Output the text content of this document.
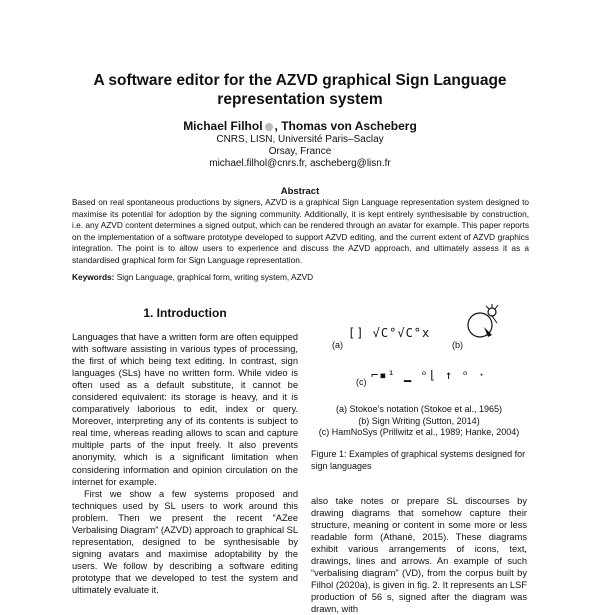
A software editor for the AZVD graphical Sign Language representation system
Michael Filhol , Thomas von Ascheberg
CNRS, LISN, Université Paris–Saclay
Orsay, France
michael.filhol@cnrs.fr, ascheberg@lisn.fr
Abstract
Based on real spontaneous productions by signers, AZVD is a graphical Sign Language representation system designed to maximise its potential for adoption by the signing community. Additionally, it is kept entirely synthesisable by construction, i.e. any AZVD content determines a signed output, which can be rendered through an avatar for example. This paper reports on the implementation of a software prototype developed to support AZVD editing, and the current extent of AZVD graphics integration. The point is to allow users to experience and discuss the AZVD approach, and ultimately assess it as a standardised graphical form for Sign Language representation.
Keywords: Sign Language, graphical form, writing system, AZVD
1. Introduction

Languages that have a written form are often equipped with software assisting in various types of processing, the first of which being text editing. In contrast, sign languages (SLs) have no written form. While video is often used as a default substitute, it cannot be considered equivalent: its storage is heavy, and it is comparatively laborious to edit, index or query. Moreover, interpreting any of its contents is subject to real time, whereas reading allows to scan and capture multiple parts of the input freely. It also prevents anonymity, which is a significant limitation when considering information and opinion circulation on the internet for example.

First we show a few systems proposed and techniques used by SL users to work around this problem. Then we present the recent “AZee Verbalising Diagram” (AZVD) approach to graphical SL representation, designed to be synthesisable by signing avatars and maximise adoptability by the users. We follow by describing a software editing prototype that we developed to test the system and ultimately evaluate it.

(a)
[] √C°√C°x
(b)
(c) ⌐▪¹ ▁ ᵒ⌊ ↑ ᵒ ·
(a) Stokoe’s notation (Stokoe et al., 1965)
(b) Sign Writing (Sutton, 2014)
(c) HamNoSys (Prillwitz et al., 1989; Hanke, 2004)
Figure 1: Examples of graphical systems designed for sign languages
also take notes or prepare SL discourses by drawing diagrams that somehow capture their structure, meaning or content in some more or less readable form (Athané, 2015). These diagrams exhibit various arrangements of icons, text, drawings, lines and arrows. An example of such “verbalising diagram” (VD), from the corpus built by Filhol (2020a), is given in fig. 2. It represents an LSF production of 56 s, signed after the diagram was drawn, with
